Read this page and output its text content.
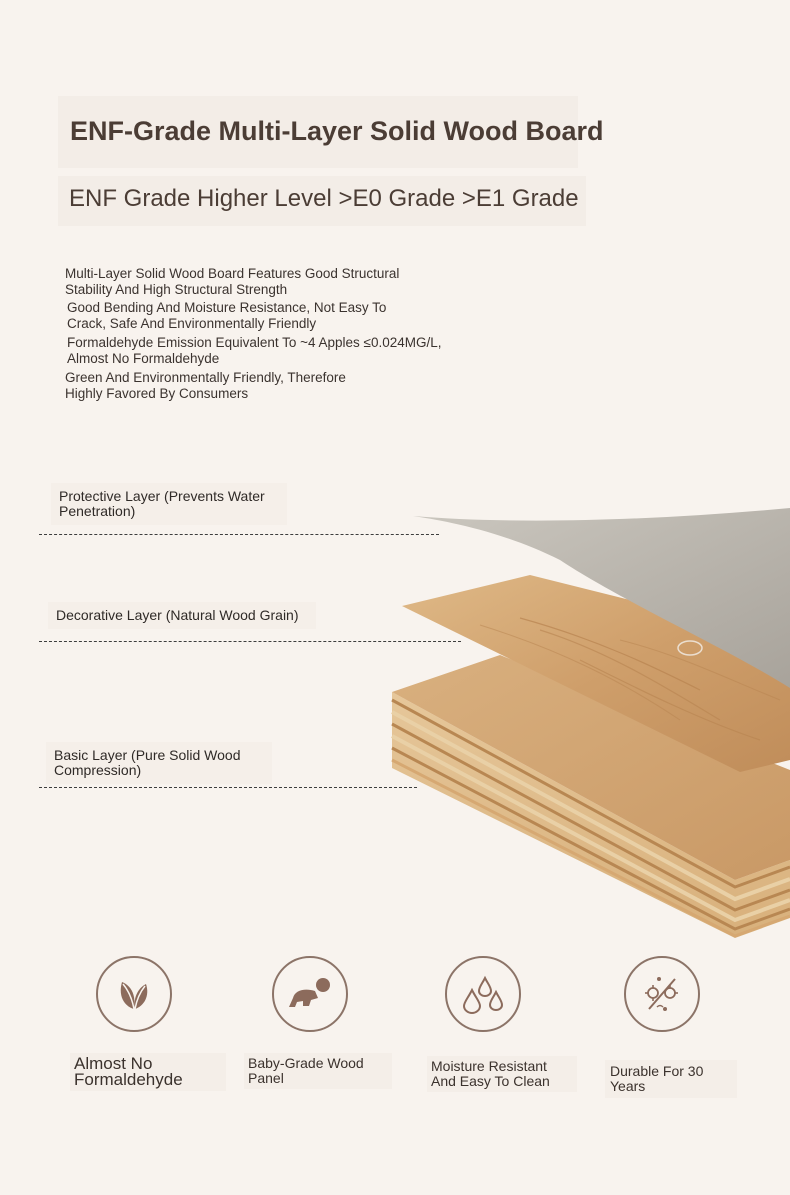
ENF-Grade Multi-Layer Solid Wood Board
ENF Grade Higher Level >E0 Grade >E1 Grade
Multi-Layer Solid Wood Board Features Good Structural
Stability And High Structural Strength
Good Bending And Moisture Resistance, Not Easy To
Crack, Safe And Environmentally Friendly
Formaldehyde Emission Equivalent To ~4 Apples ≤0.024MG/L,
Almost No Formaldehyde
Green And Environmentally Friendly, Therefore
Highly Favored By Consumers
Protective Layer (Prevents Water
Penetration)
Decorative Layer (Natural Wood Grain)
Basic Layer (Pure Solid Wood
Compression)
Almost No
Formaldehyde
Baby-Grade Wood
Panel
Moisture Resistant
And Easy To Clean
Durable For 30 Years
